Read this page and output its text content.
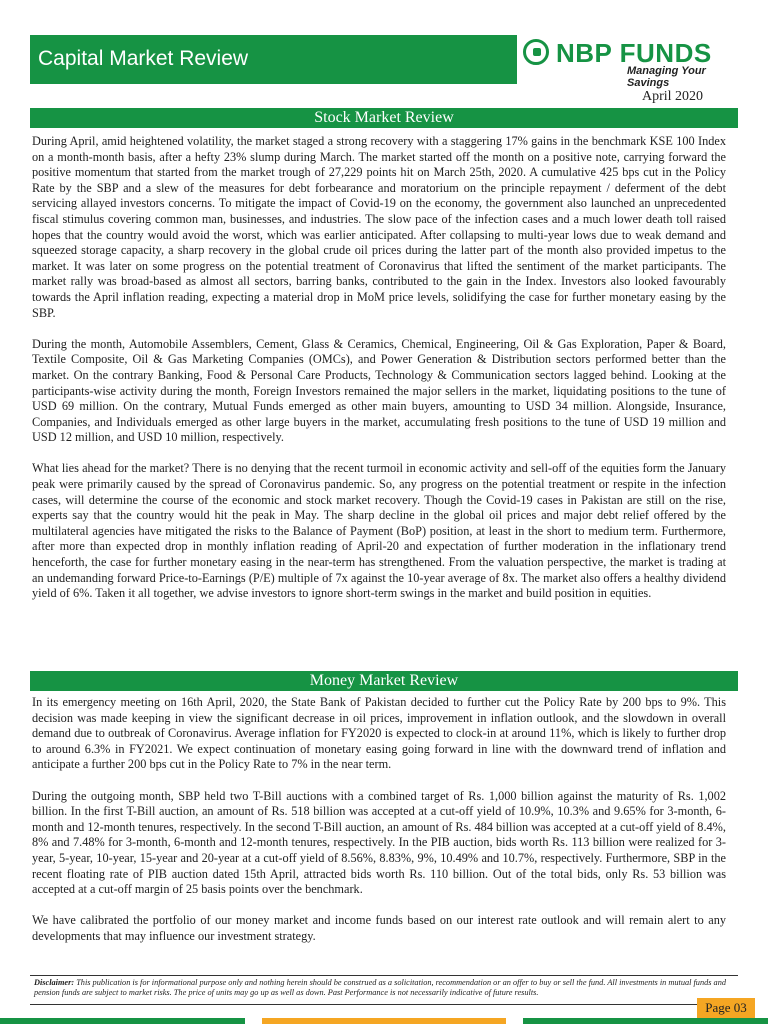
Capital Market Review	NBP FUNDS
Managing Your Savings
April 2020
Stock Market Review

During April, amid heightened volatility, the market staged a strong recovery with a staggering 17% gains in the benchmark KSE 100 Index on a month-month basis, after a hefty 23% slump during March. The market started off the month on a positive note, carrying forward the positive momentum that started from the market trough of 27,229 points hit on March 25th, 2020. A cumulative 425 bps cut in the Policy Rate by the SBP and a slew of the measures for debt forbearance and moratorium on the principle repayment / deferment of the debt servicing allayed investors concerns. To mitigate the impact of Covid-19 on the economy, the government also launched an unprecedented fiscal stimulus covering common man, businesses, and industries. The slow pace of the infection cases and a much lower death toll raised hopes that the country would avoid the worst, which was earlier anticipated. After collapsing to multi-year lows due to weak demand and squeezed storage capacity, a sharp recovery in the global crude oil prices during the latter part of the month also provided impetus to the market. It was later on some progress on the potential treatment of Coronavirus that lifted the sentiment of the market participants. The market rally was broad-based as almost all sectors, barring banks, contributed to the gain in the Index. Investors also looked favourably towards the April inflation reading, expecting a material drop in MoM price levels, solidifying the case for further monetary easing by the SBP.

During the month, Automobile Assemblers, Cement, Glass & Ceramics, Chemical, Engineering, Oil & Gas Exploration, Paper & Board, Textile Composite, Oil & Gas Marketing Companies (OMCs), and Power Generation & Distribution sectors performed better than the market. On the contrary Banking, Food & Personal Care Products, Technology & Communication sectors lagged behind. Looking at the participants-wise activity during the month, Foreign Investors remained the major sellers in the market, liquidating positions to the tune of USD 69 million. On the contrary, Mutual Funds emerged as other main buyers, amounting to USD 34 million. Alongside, Insurance, Companies, and Individuals emerged as other large buyers in the market, accumulating fresh positions to the tune of USD 19 million and USD 12 million, and USD 10 million, respectively.

What lies ahead for the market? There is no denying that the recent turmoil in economic activity and sell-off of the equities form the January peak were primarily caused by the spread of Coronavirus pandemic. So, any progress on the potential treatment or respite in the infection cases, will determine the course of the economic and stock market recovery. Though the Covid-19 cases in Pakistan are still on the rise, experts say that the country would hit the peak in May. The sharp decline in the global oil prices and major debt relief offered by the multilateral agencies have mitigated the risks to the Balance of Payment (BoP) position, at least in the short to medium term. Furthermore, after more than expected drop in monthly inflation reading of April-20 and expectation of further moderation in the inflationary trend henceforth, the case for further monetary easing in the near-term has strengthened. From the valuation perspective, the market is trading at an undemanding forward Price-to-Earnings (P/E) multiple of 7x against the 10-year average of 8x. The market also offers a healthy dividend yield of 6%. Taken it all together, we advise investors to ignore short-term swings in the market and build position in equities.

Money Market Review

In its emergency meeting on 16th April, 2020, the State Bank of Pakistan decided to further cut the Policy Rate by 200 bps to 9%. This decision was made keeping in view the significant decrease in oil prices, improvement in inflation outlook, and the slowdown in overall demand due to outbreak of Coronavirus. Average inflation for FY2020 is expected to clock-in at around 11%, which is likely to further drop to around 6.3% in FY2021. We expect continuation of monetary easing going forward in line with the downward trend of inflation and anticipate a further 200 bps cut in the Policy Rate to 7% in the near term.

During the outgoing month, SBP held two T-Bill auctions with a combined target of Rs. 1,000 billion against the maturity of Rs. 1,002 billion. In the first T-Bill auction, an amount of Rs. 518 billion was accepted at a cut-off yield of 10.9%, 10.3% and 9.65% for 3-month, 6-month and 12-month tenures, respectively. In the second T-Bill auction, an amount of Rs. 484 billion was accepted at a cut-off yield of 8.4%, 8% and 7.48% for 3-month, 6-month and 12-month tenures, respectively. In the PIB auction, bids worth Rs. 113 billion were realized for 3-year, 5-year, 10-year, 15-year and 20-year at a cut-off yield of 8.56%, 8.83%, 9%, 10.49% and 10.7%, respectively. Furthermore, SBP in the recent floating rate of PIB auction dated 15th April, attracted bids worth Rs. 110 billion. Out of the total bids, only Rs. 53 billion was accepted at a cut-off margin of 25 basis points over the benchmark.

We have calibrated the portfolio of our money market and income funds based on our interest rate outlook and will remain alert to any developments that may influence our investment strategy.

Disclaimer: This publication is for informational purpose only and nothing herein should be construed as a solicitation, recommendation or an offer to buy or sell the fund. All investments in mutual funds and pension funds are subject to market risks. The price of units may go up as well as down. Past Performance is not necessarily indicative of future results.
Page 03
